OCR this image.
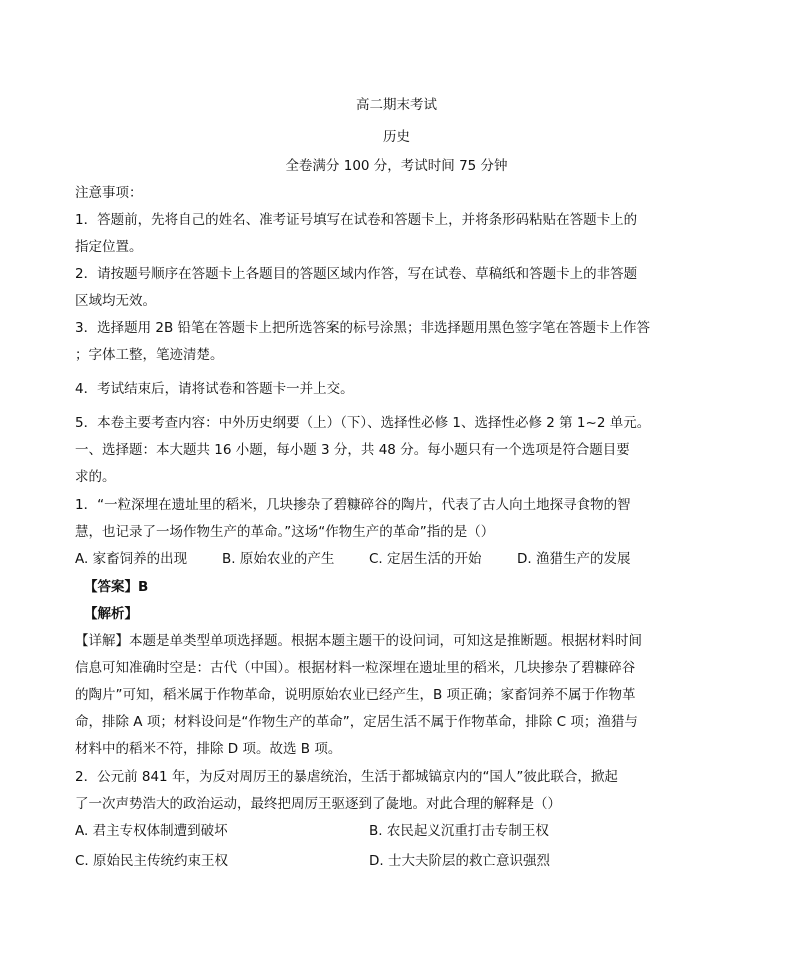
高二期末考试
历史
全卷满分 100 分，考试时间 75 分钟
注意事项：
1．答题前，先将自己的姓名、准考证号填写在试卷和答题卡上，并将条形码粘贴在答题卡上的
指定位置。
2．请按题号顺序在答题卡上各题目的答题区域内作答，写在试卷、草稿纸和答题卡上的非答题
区域均无效。
3．选择题用 2B 铅笔在答题卡上把所选答案的标号涂黑；非选择题用黑色签字笔在答题卡上作答
；字体工整，笔迹清楚。
4．考试结束后，请将试卷和答题卡一并上交。
5．本卷主要考查内容：中外历史纲要（上）（下）、选择性必修 1、选择性必修 2 第 1~2 单元。
一、选择题：本大题共 16 小题，每小题 3 分，共 48 分。每小题只有一个选项是符合题目要
求的。
1．“一粒深埋在遗址里的稻米，几块掺杂了碧糠碎谷的陶片，代表了古人向土地探寻食物的智
慧，也记录了一场作物生产的革命。”这场“作物生产的革命”指的是（）
A. 家畜饲养的出现	B. 原始农业的产生	C. 定居生活的开始	D. 渔猎生产的发展
【答案】B
【解析】
【详解】本题是单类型单项选择题。根据本题主题干的设问词，可知这是推断题。根据材料时间
信息可知准确时空是：古代（中国）。根据材料一粒深埋在遗址里的稻米，几块掺杂了碧糠碎谷
的陶片”可知，稻米属于作物革命，说明原始农业已经产生，B 项正确；家畜饲养不属于作物革
命，排除 A 项；材料设问是“作物生产的革命”，定居生活不属于作物革命，排除 C 项；渔猎与
材料中的稻米不符，排除 D 项。故选 B 项。
2．公元前 841 年，为反对周厉王的暴虐统治，生活于都城镐京内的“国人”彼此联合，掀起
了一次声势浩大的政治运动，最终把周厉王驱逐到了彘地。对此合理的解释是（）
A. 君主专权体制遭到破坏	B. 农民起义沉重打击专制王权
C. 原始民主传统约束王权	D. 士大夫阶层的救亡意识强烈
